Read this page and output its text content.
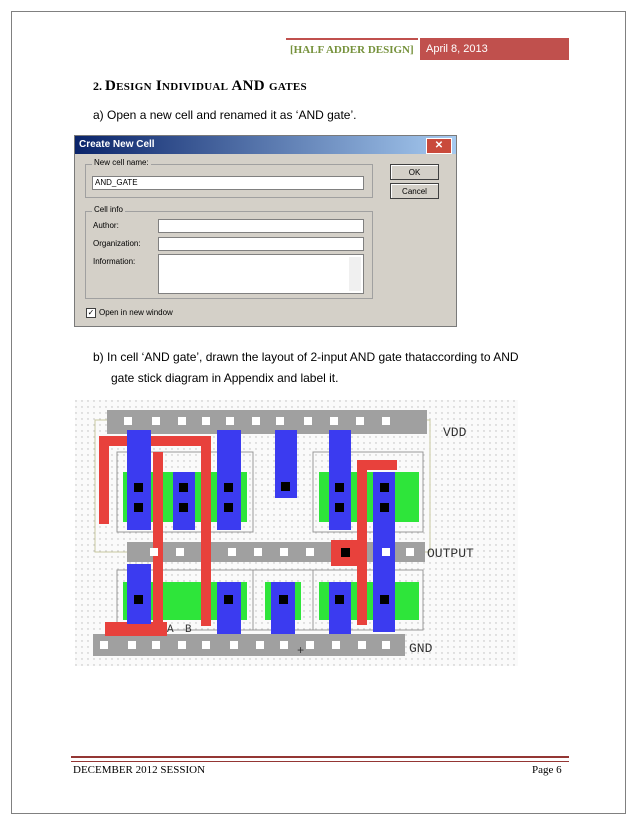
[HALF ADDER DESIGN]	April 8, 2013
2. Design Individual AND gates
a) Open a new cell and renamed it as ‘AND gate’.
Create New Cell	✕
New cell name:
AND_GATE
OK
Cancel
Cell info
Author:
Organization:
Information:
✓ Open in new window
b) In cell ‘AND gate’, drawn the layout of 2-input AND gate thataccording to AND
gate stick diagram in Appendix and label it.
VDD
OUTPUT
GND
A B
+
DECEMBER 2012 SESSION	Page 6
